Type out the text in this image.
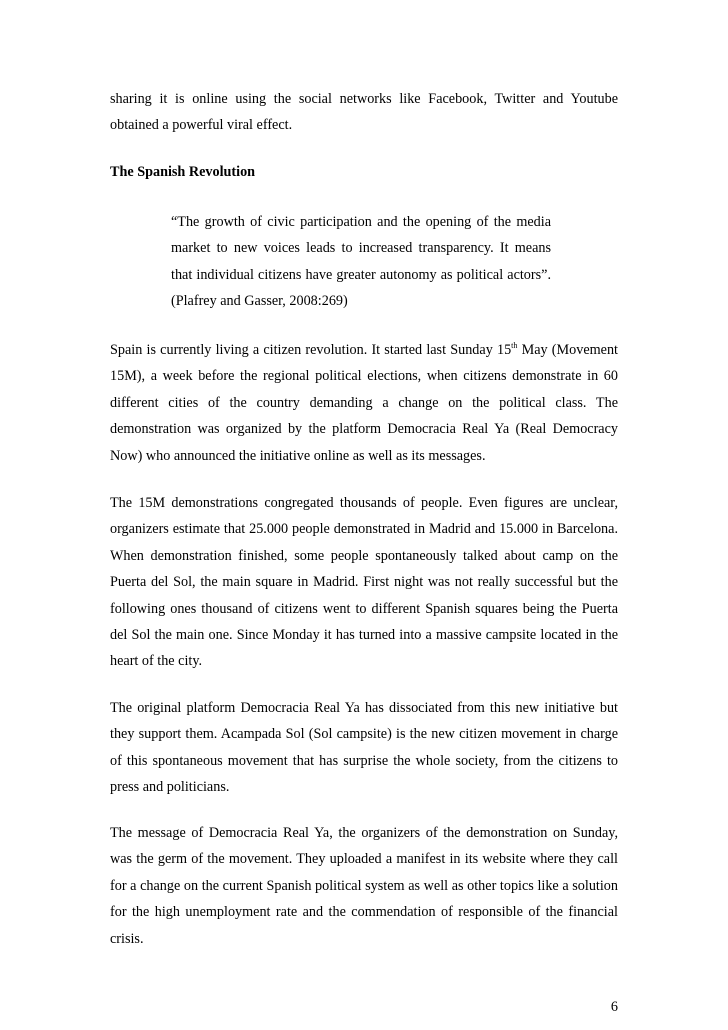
sharing it is online using the social networks like Facebook, Twitter and Youtube obtained a powerful viral effect.

The Spanish Revolution

“The growth of civic participation and the opening of the media market to new voices leads to increased transparency. It means that individual citizens have greater autonomy as political actors”. (Plafrey and Gasser, 2008:269)

Spain is currently living a citizen revolution. It started last Sunday 15th May (Movement 15M), a week before the regional political elections, when citizens demonstrate in 60 different cities of the country demanding a change on the political class. The demonstration was organized by the platform Democracia Real Ya (Real Democracy Now) who announced the initiative online as well as its messages.

The 15M demonstrations congregated thousands of people. Even figures are unclear, organizers estimate that 25.000 people demonstrated in Madrid and 15.000 in Barcelona. When demonstration finished, some people spontaneously talked about camp on the Puerta del Sol, the main square in Madrid. First night was not really successful but the following ones thousand of citizens went to different Spanish squares being the Puerta del Sol the main one. Since Monday it has turned into a massive campsite located in the heart of the city.

The original platform Democracia Real Ya has dissociated from this new initiative but they support them. Acampada Sol (Sol campsite) is the new citizen movement in charge of this spontaneous movement that has surprise the whole society, from the citizens to press and politicians.

The message of Democracia Real Ya, the organizers of the demonstration on Sunday, was the germ of the movement. They uploaded a manifest in its website where they call for a change on the current Spanish political system as well as other topics like a solution for the high unemployment rate and the commendation of responsible of the financial crisis.

6
